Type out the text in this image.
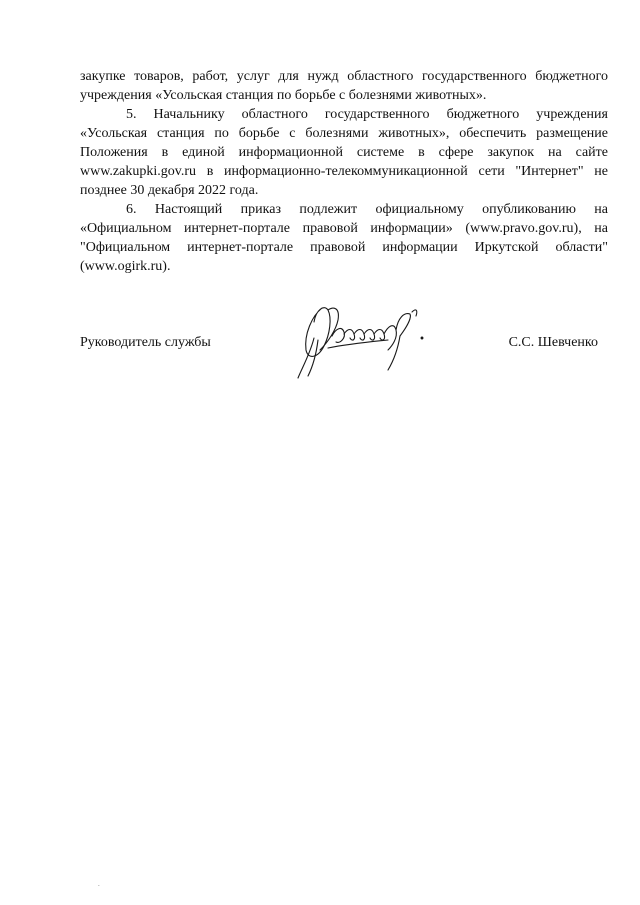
закупке товаров, работ, услуг для нужд областного государственного бюджетного учреждения «Усольская станция по борьбе с болезнями животных».

5. Начальнику областного государственного бюджетного учреждения «Усольская станция по борьбе с болезнями животных», обеспечить размещение Положения в единой информационной системе в сфере закупок на сайте www.zakupki.gov.ru в информационно-телекоммуникационной сети "Интернет" не позднее 30 декабря 2022 года.

6. Настоящий приказ подлежит официальному опубликованию на «Официальном интернет-портале правовой информации» (www.pravo.gov.ru), на "Официальном интернет-портале правовой информации Иркутской области" (www.ogirk.ru).

Руководитель службы	С.С. Шевченко
.
